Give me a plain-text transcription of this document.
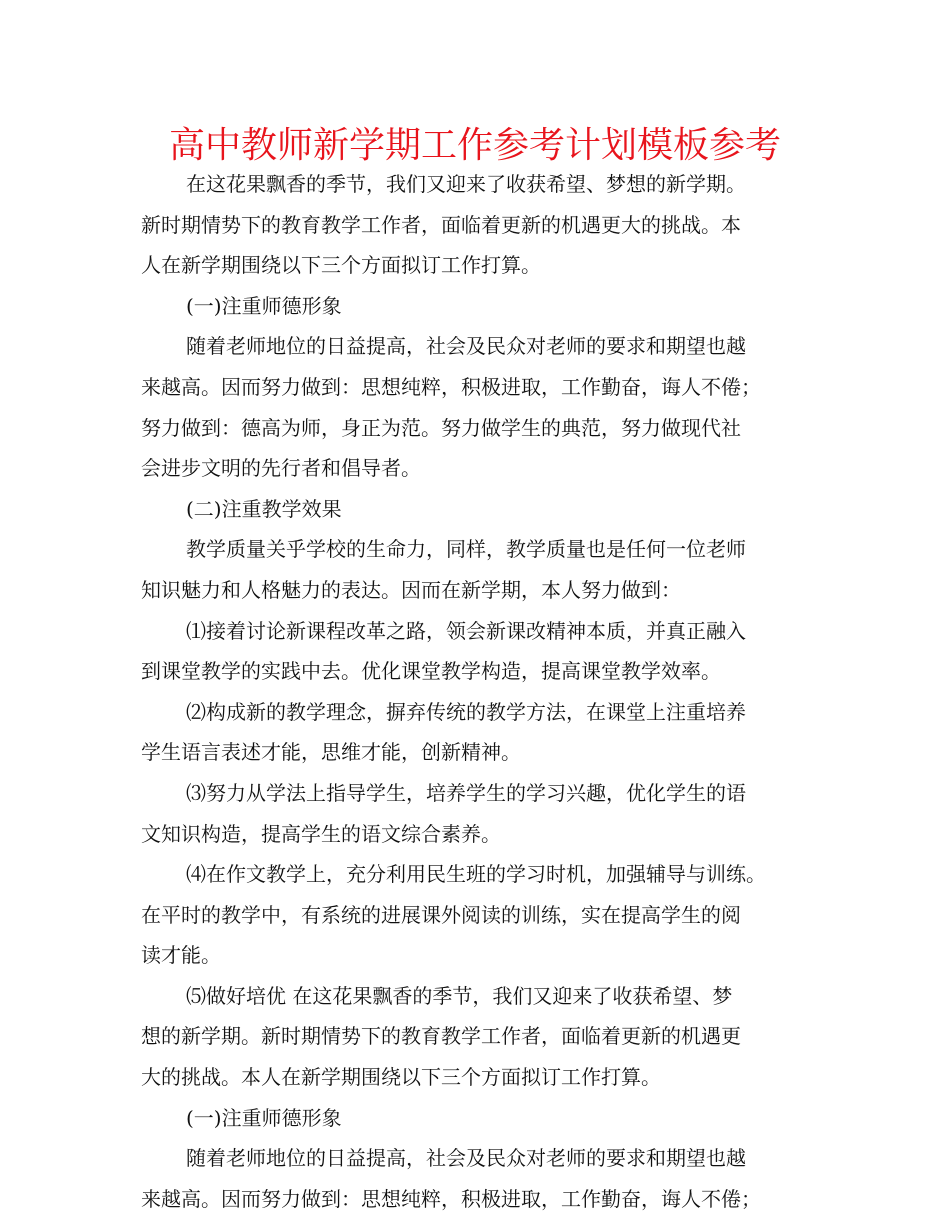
高中教师新学期工作参考计划模板参考
在这花果飘香的季节，我们又迎来了收获希望、梦想的新学期。
新时期情势下的教育教学工作者，面临着更新的机遇更大的挑战。本
人在新学期围绕以下三个方面拟订工作打算。
(一)注重师德形象
随着老师地位的日益提高，社会及民众对老师的要求和期望也越
来越高。因而努力做到：思想纯粹，积极进取，工作勤奋，诲人不倦；
努力做到：德高为师，身正为范。努力做学生的典范，努力做现代社
会进步文明的先行者和倡导者。
(二)注重教学效果
教学质量关乎学校的生命力，同样，教学质量也是任何一位老师
知识魅力和人格魅力的表达。因而在新学期，本人努力做到：
⑴接着讨论新课程改革之路，领会新课改精神本质，并真正融入
到课堂教学的实践中去。优化课堂教学构造，提高课堂教学效率。
⑵构成新的教学理念，摒弃传统的教学方法，在课堂上注重培养
学生语言表述才能，思维才能，创新精神。
⑶努力从学法上指导学生，培养学生的学习兴趣，优化学生的语
文知识构造，提高学生的语文综合素养。
⑷在作文教学上，充分利用民生班的学习时机，加强辅导与训练。
在平时的教学中，有系统的进展课外阅读的训练，实在提高学生的阅
读才能。
⑸做好培优 在这花果飘香的季节，我们又迎来了收获希望、梦
想的新学期。新时期情势下的教育教学工作者，面临着更新的机遇更
大的挑战。本人在新学期围绕以下三个方面拟订工作打算。
(一)注重师德形象
随着老师地位的日益提高，社会及民众对老师的要求和期望也越
来越高。因而努力做到：思想纯粹，积极进取，工作勤奋，诲人不倦；
